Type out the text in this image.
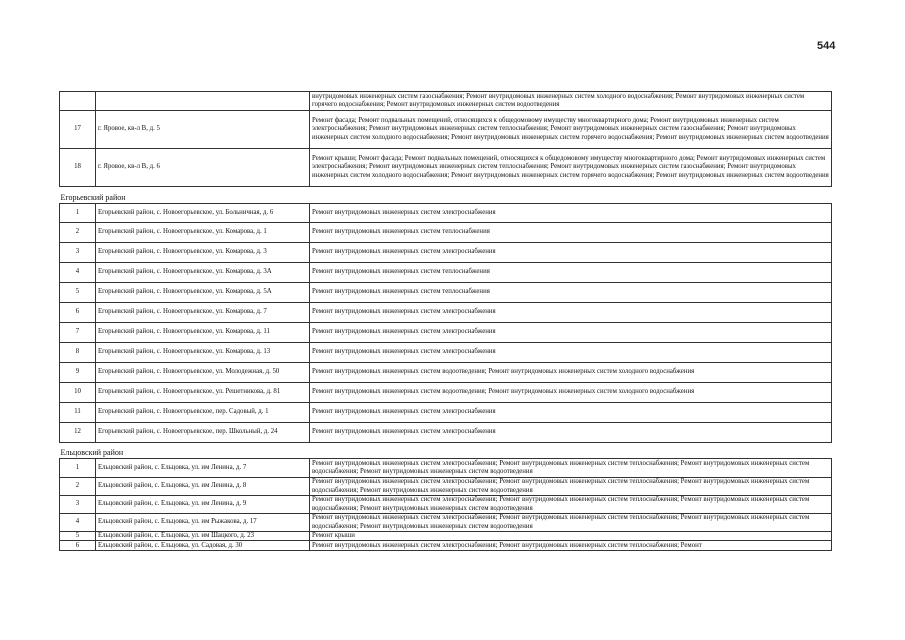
544
		внутридомовых инженерных систем газоснабжения; Ремонт внутридомовых инженерных систем холодного водоснабжения; Ремонт внутридомовых инженерных систем горячего водоснабжения; Ремонт внутридомовых инженерных систем водоотведения
17	г. Яровое, кв-л В, д. 5	Ремонт фасада; Ремонт подвальных помещений, относящихся к общедомовому имуществу многоквартирного дома; Ремонт внутридомовых инженерных систем электроснабжения; Ремонт внутридомовых инженерных систем теплоснабжения; Ремонт внутридомовых инженерных систем газоснабжения; Ремонт внутридомовых инженерных систем холодного водоснабжения; Ремонт внутридомовых инженерных систем горячего водоснабжения; Ремонт внутридомовых инженерных систем водоотведения
18	г. Яровое, кв-л В, д. 6	Ремонт крыши; Ремонт фасада; Ремонт подвальных помещений, относящихся к общедомовому имуществу многоквартирного дома; Ремонт внутридомовых инженерных систем электроснабжения; Ремонт внутридомовых инженерных систем теплоснабжения; Ремонт внутридомовых инженерных систем газоснабжения; Ремонт внутридомовых инженерных систем холодного водоснабжения; Ремонт внутридомовых инженерных систем горячего водоснабжения; Ремонт внутридомовых инженерных систем водоотведения
Егорьевский район		
1	Егорьевский район, с. Новоегорьевское, ул. Больничная, д. 6	Ремонт внутридомовых инженерных систем электроснабжения
2	Егорьевский район, с. Новоегорьевское, ул. Комарова, д. 1	Ремонт внутридомовых инженерных систем теплоснабжения
3	Егорьевский район, с. Новоегорьевское, ул. Комарова, д. 3	Ремонт внутридомовых инженерных систем электроснабжения
4	Егорьевский район, с. Новоегорьевское, ул. Комарова, д. 3А	Ремонт внутридомовых инженерных систем теплоснабжения
5	Егорьевский район, с. Новоегорьевское, ул. Комарова, д. 5А	Ремонт внутридомовых инженерных систем теплоснабжения
6	Егорьевский район, с. Новоегорьевское, ул. Комарова, д. 7	Ремонт внутридомовых инженерных систем электроснабжения
7	Егорьевский район, с. Новоегорьевское, ул. Комарова, д. 11	Ремонт внутридомовых инженерных систем электроснабжения
8	Егорьевский район, с. Новоегорьевское, ул. Комарова, д. 13	Ремонт внутридомовых инженерных систем электроснабжения
9	Егорьевский район, с. Новоегорьевское, ул. Молодежная, д. 50	Ремонт внутридомовых инженерных систем водоотведения; Ремонт внутридомовых инженерных систем холодного водоснабжения
10	Егорьевский район, с. Новоегорьевское, ул. Решетникова, д. 81	Ремонт внутридомовых инженерных систем водоотведения; Ремонт внутридомовых инженерных систем холодного водоснабжения
11	Егорьевский район, с. Новоегорьевское, пер. Садовый, д. 1	Ремонт внутридомовых инженерных систем электроснабжения
12	Егорьевский район, с. Новоегорьевское, пер. Школьный, д. 24	Ремонт внутридомовых инженерных систем электроснабжения
Ельцовский район		
1	Ельцовский район, с. Ельцовка, ул. им Ленина, д. 7	Ремонт внутридомовых инженерных систем электроснабжения; Ремонт внутридомовых инженерных систем теплоснабжения; Ремонт внутридомовых инженерных систем водоснабжения; Ремонт внутридомовых инженерных систем водоотведения
2	Ельцовский район, с. Ельцовка, ул. им Ленина, д. 8	Ремонт внутридомовых инженерных систем электроснабжения; Ремонт внутридомовых инженерных систем теплоснабжения; Ремонт внутридомовых инженерных систем водоснабжения; Ремонт внутридомовых инженерных систем водоотведения
3	Ельцовский район, с. Ельцовка, ул. им Ленина, д. 9	Ремонт внутридомовых инженерных систем электроснабжения; Ремонт внутридомовых инженерных систем теплоснабжения; Ремонт внутридомовых инженерных систем водоснабжения; Ремонт внутридомовых инженерных систем водоотведения
4	Ельцовский район, с. Ельцовка, ул. им Рыжакова, д. 17	Ремонт внутридомовых инженерных систем электроснабжения; Ремонт внутридомовых инженерных систем теплоснабжения; Ремонт внутридомовых инженерных систем водоснабжения; Ремонт внутридомовых инженерных систем водоотведения
5	Ельцовский район, с. Ельцовка, ул. им Шацкого, д. 23	Ремонт крыши
6	Ельцовский район, с. Ельцовка, ул. Садовая, д. 30	Ремонт внутридомовых инженерных систем электроснабжения; Ремонт внутридомовых инженерных систем теплоснабжения; Ремонт
